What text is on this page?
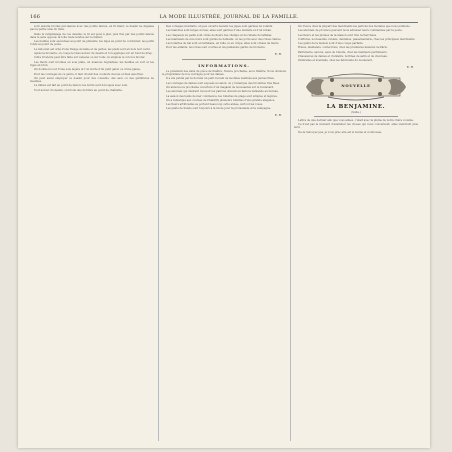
166	LA MODE ILLUSTRÉE, JOURNAL DE LA FAMILLE.

sont ensuite brodés par-dessus avec des points lancés, en fil blanc; le dessin ne dépasse pas la partie unie du tissu.

Dans le remplissage de ces dessins, le fil est posé à plat, puis fixé par des points lancés dans le sens opposé; la toile reste tendue sur le métier.

Les feuilles sont exécutées au point de plumetis, les tiges au point de cordonnet; les petits ronds au point de poste.

Le tabouret est orné d'une frange de laine et de perles; les pieds sont en bois noir verni.

Après la broderie, on coupe le tissu autour du dessin et l'on applique sur un fond de drap.

Cette broderie peut être faite sur canevas ou sur toile; on emploie le coton à broder.

Les fleurs sont brodées en soie plate, en nuances dégradées; les feuilles en vert et les tiges en brun.

On double le tout d'une soie légère et l'on borde d'un petit galon ou d'une ganse.

Pour les ouvrages de ce genre, il faut choisir des couleurs douces et bien assorties.

On peut aussi employer ce dessin pour des coussins, des sacs ou des garnitures de meubles.

Le milieu est fait au point de feston; les bords sont découpés avec soin.

Tout autour du dessin, on brode une bordure au point de chaînette.

Des corsages montants, un peu ouverts devant; les jupes sont garnies de volants.

Les manches sont larges du bas; elles sont garnies d'une dentelle et d'un ruban.

Les chapeaux de paille sont ornés de fleurs des champs et de rubans de taffetas.

Les mantelets de soie noire sont garnis de dentelle; on les porte avec des robes claires.

Les toilettes de bal sont en tarlatane, en tulle ou en crêpe; elles sont ornées de fleurs.

Pour les enfants, les robes sont courtes et les pantalons garnis de broderie.

E. R.
INFORMATIONS.

Le président des amis du pièce de théâtre, l'heure prochaine, sa le théâtre. Nous donnons le programme de nos ouvrages pour les dames.

Il a été publié par la Société un petit recueil de modèles destinés aux jeunes filles.

Les ouvrages de dames sont exposés au salon; on y remarque des broderies très fines.

On annonce la prochaine ouverture d'un magasin de nouveautés sur le boulevard.

Les abonnés qui désirent recevoir les patrons doivent en faire la demande au bureau.

La saison des bains de mer commence; les toilettes de plage sont simples et légères.

On a remarqué aux courses de Chantilly plusieurs toilettes d'une grande élégance.

Les fleurs artificielles se portent beaucoup cette année, surtout les roses.

Les gants de Suède sont toujours à la mode pour la promenade et la campagne.

E. R.

On trouve chez la plupart des marchands les patrons des modèles que nous publions.

Les abonnés de province peuvent nous adresser leurs commandes par la poste.

Les fleurs et les plumes de la maison sont très recherchées.

Coiffures, nouveautés, rubans, dentelles, passementerie, chez les principaux marchands.

Les gants de la maison sont d'une coupe parfaite.

Robes, mantelets, confections, chez les premières maisons de Paris.

Parfumerie, savons, eaux de toilette, chez les meilleurs parfumeurs.

Chaussures de dames et d'enfants, bottines de satin et de chevreau.

Ombrelles et éventails, chez les fabricants du boulevard.

E. R.
NOUVELLE
LA BENJAMINE.
(Suite.)

Lettre de une dernier ami que vous aimez, c'était avec la plume de notre chère cousine.

Ce n'est pas le moment d'examiner les choses qui nous concernent; elles viendront plus tard.

Ne la renvoyez pas, je vous prie; elle est si bonne et si dévouée.
